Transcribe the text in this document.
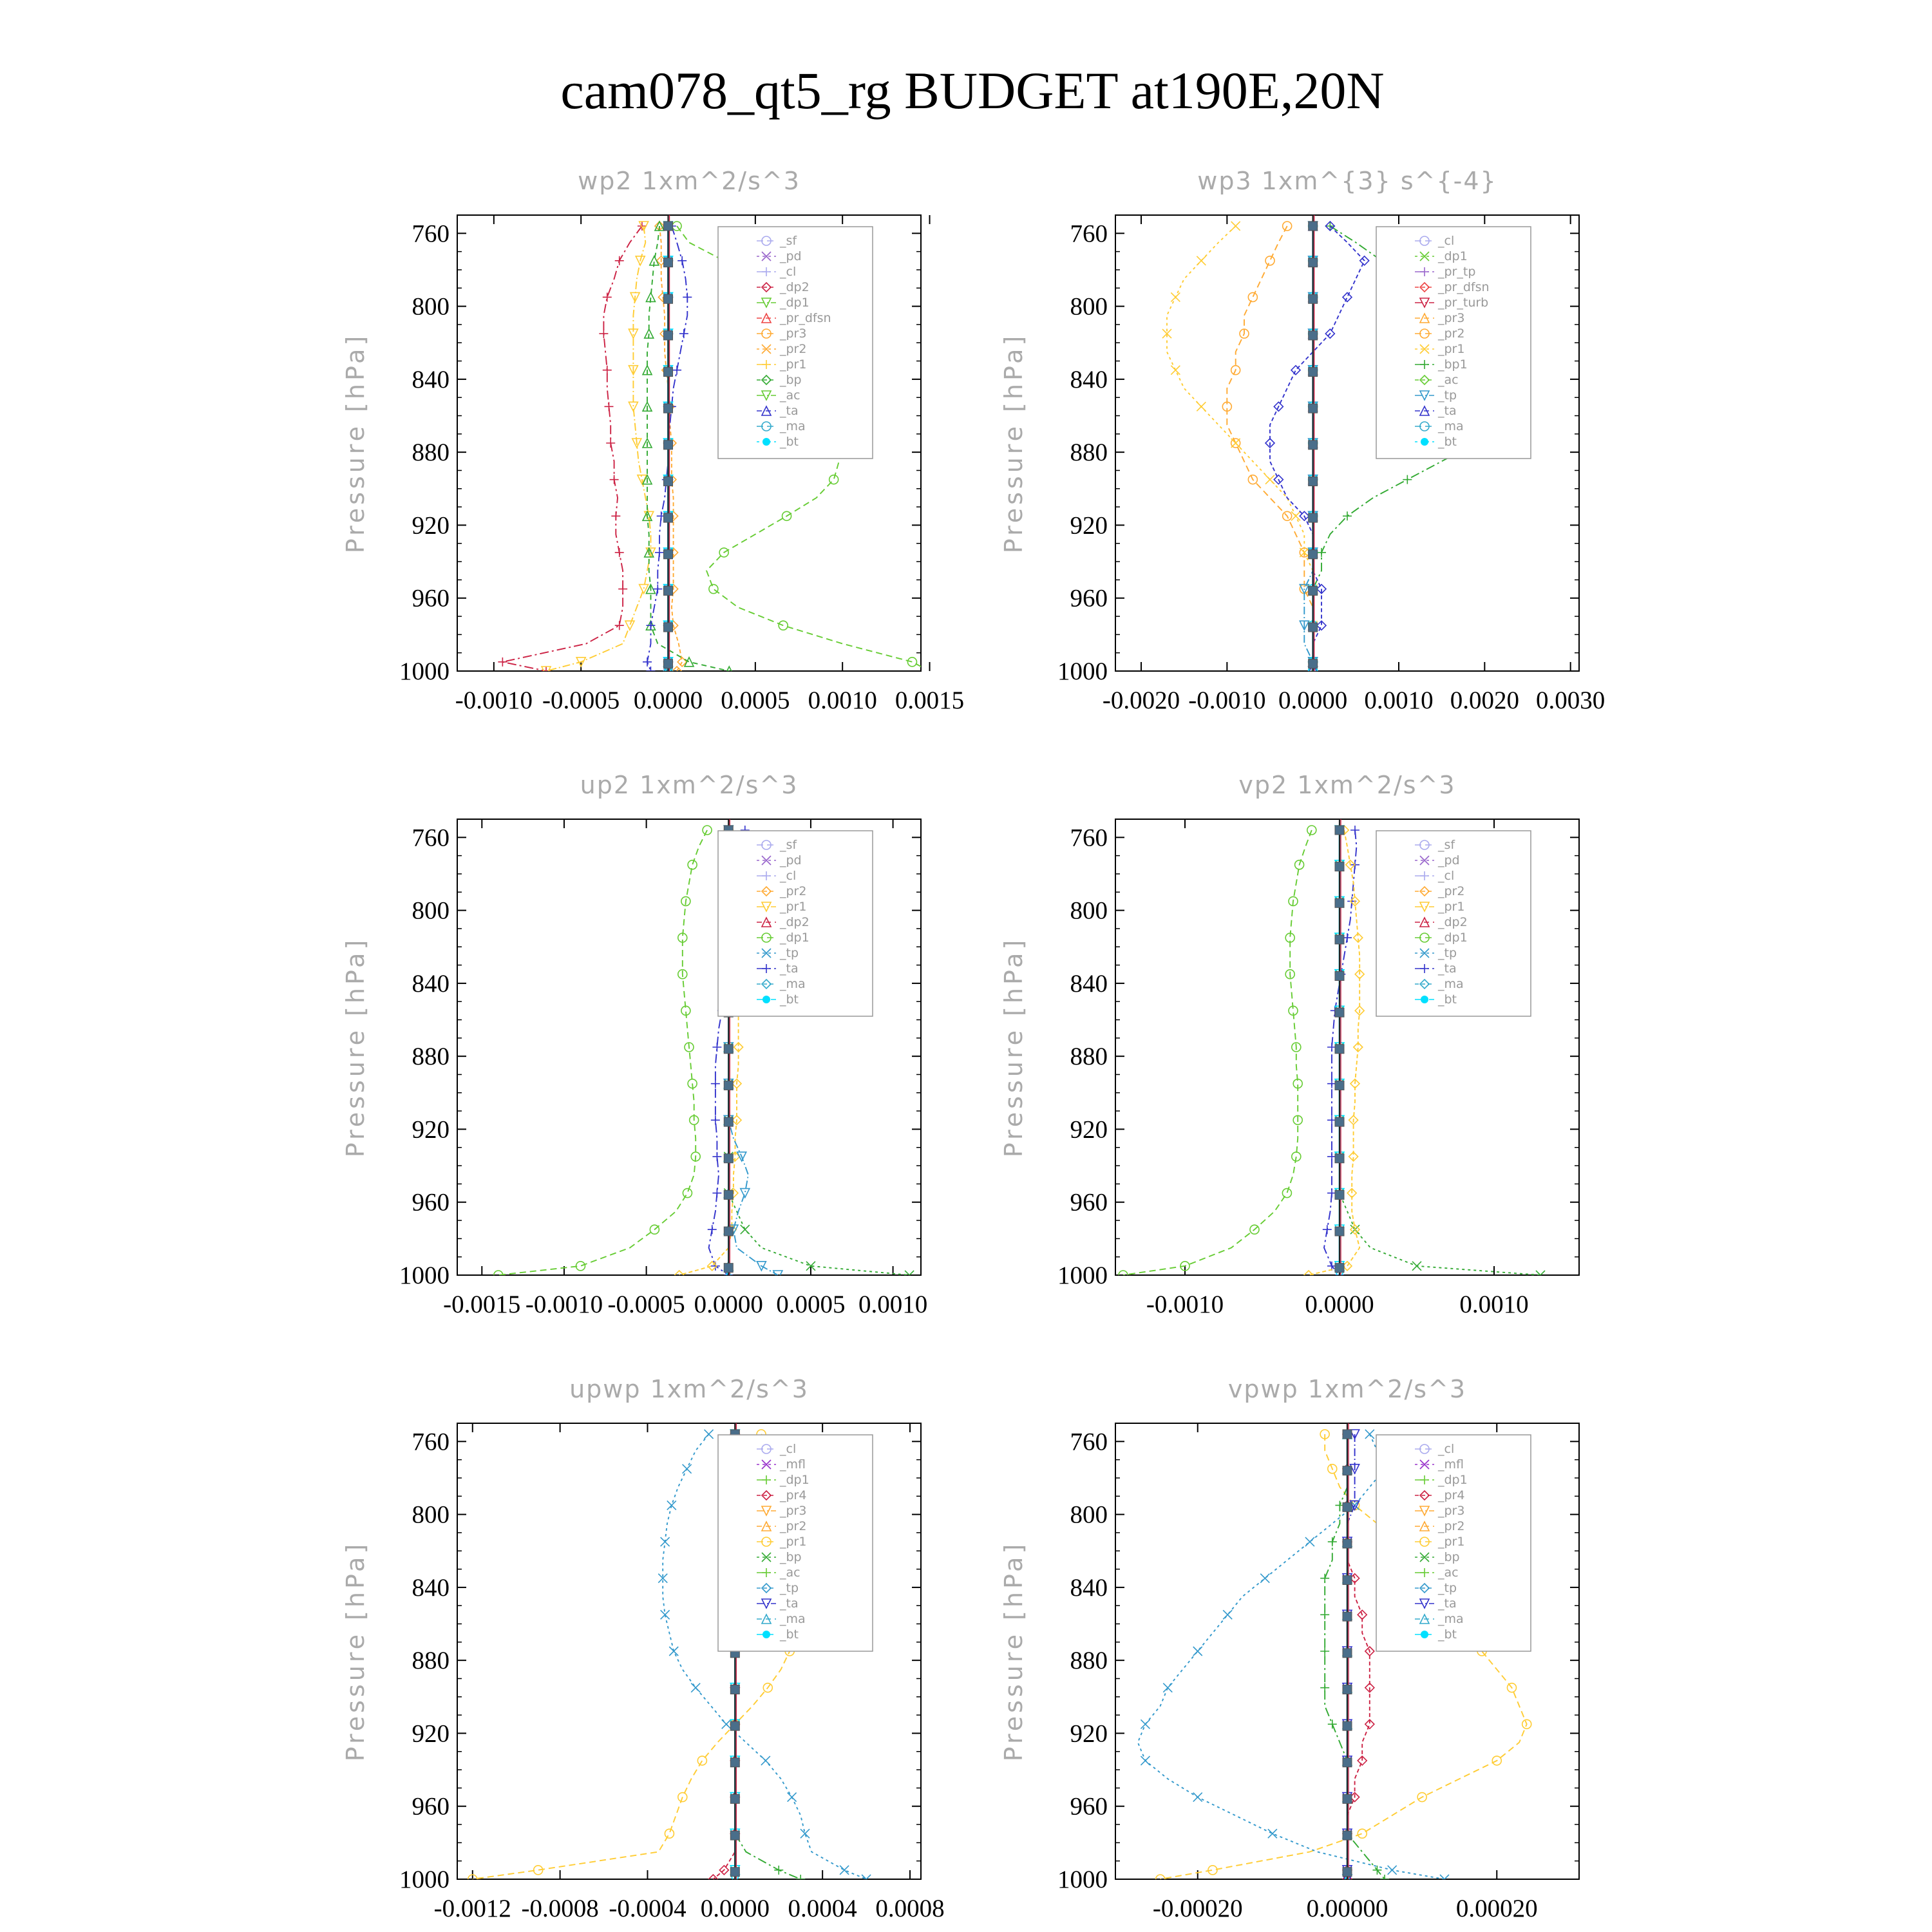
cam078_qt5_rg BUDGET at190E,20N
wp2 1xm^2/s^3
Pressure [hPa]
760
800
840
880
920
960
1000
-0.0010 -0.0005 0.0000 0.0005 0.0010 0.0015
_sf
_pd
_cl
_dp2
_dp1
_pr_dfsn
_pr3
_pr2
_pr1
_bp
_ac
_ta
_ma
_bt
wp3 1xm^{3} s^{-4}
Pressure [hPa]
760
800
840
880
920
960
1000
-0.0020 -0.0010 0.0000 0.0010 0.0020 0.0030
_cl
_dp1
_pr_tp
_pr_dfsn
_pr_turb
_pr3
_pr2
_pr1
_bp1
_ac
_tp
_ta
_ma
_bt
up2 1xm^2/s^3
Pressure [hPa]
760
800
840
880
920
960
1000
-0.0015 -0.0010 -0.0005 0.0000 0.0005 0.0010
_sf
_pd
_cl
_pr2
_pr1
_dp2
_dp1
_tp
_ta
_ma
_bt
vp2 1xm^2/s^3
Pressure [hPa]
760
800
840
880
920
960
1000
-0.0010	0.0000	0.0010
_sf
_pd
_cl
_pr2
_pr1
_dp2
_dp1
_tp
_ta
_ma
_bt
upwp 1xm^2/s^3
Pressure [hPa]
760
800
840
880
920
960
1000
-0.0012 -0.0008 -0.0004 0.0000 0.0004 0.0008
_cl
_mfl
_dp1
_pr4
_pr3
_pr2
_pr1
_bp
_ac
_tp
_ta
_ma
_bt
vpwp 1xm^2/s^3
Pressure [hPa]
760
800
840
880
920
960
1000
-0.00020	0.00000	0.00020
_cl
_mfl
_dp1
_pr4
_pr3
_pr2
_pr1
_bp
_ac
_tp
_ta
_ma
_bt
